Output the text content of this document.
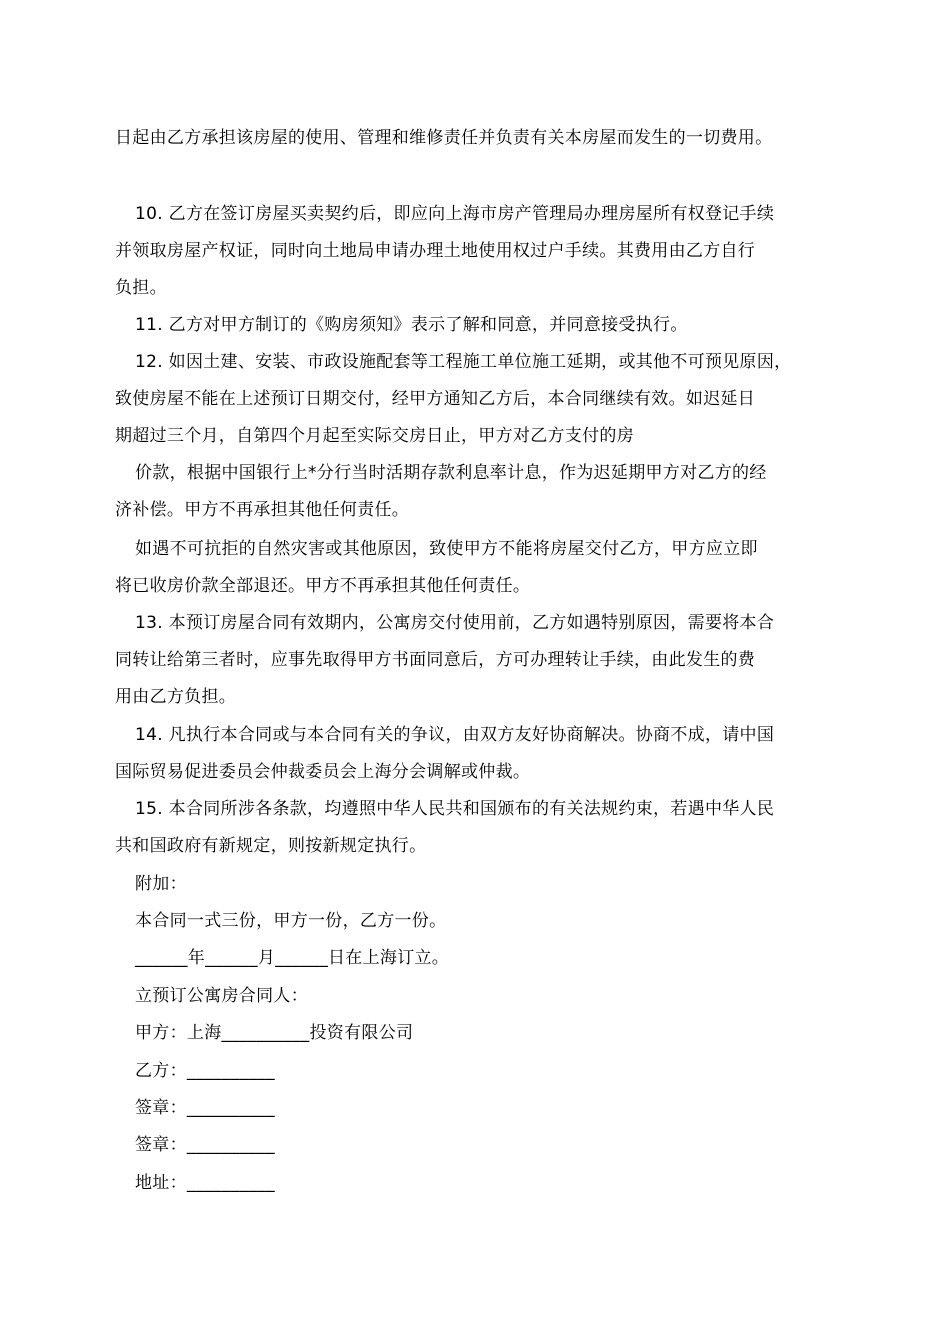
日起由乙方承担该房屋的使用、管理和维修责任并负责有关本房屋而发生的一切费用。
10. 乙方在签订房屋买卖契约后，即应向上海市房产管理局办理房屋所有权登记手续
并领取房屋产权证，同时向土地局申请办理土地使用权过户手续。其费用由乙方自行
负担。
11. 乙方对甲方制订的《购房须知》表示了解和同意，并同意接受执行。
12. 如因土建、安装、市政设施配套等工程施工单位施工延期，或其他不可预见原因，
致使房屋不能在上述预订日期交付，经甲方通知乙方后，本合同继续有效。如迟延日
期超过三个月，自第四个月起至实际交房日止，甲方对乙方支付的房
价款，根据中国银行上*分行当时活期存款利息率计息，作为迟延期甲方对乙方的经
济补偿。甲方不再承担其他任何责任。
如遇不可抗拒的自然灾害或其他原因，致使甲方不能将房屋交付乙方，甲方应立即
将已收房价款全部退还。甲方不再承担其他任何责任。
13. 本预订房屋合同有效期内，公寓房交付使用前，乙方如遇特别原因，需要将本合
同转让给第三者时，应事先取得甲方书面同意后，方可办理转让手续，由此发生的费
用由乙方负担。
14. 凡执行本合同或与本合同有关的争议，由双方友好协商解决。协商不成，请中国
国际贸易促进委员会仲裁委员会上海分会调解或仲裁。
15. 本合同所涉各条款，均遵照中华人民共和国颁布的有关法规约束，若遇中华人民
共和国政府有新规定，则按新规定执行。
附加：
本合同一式三份，甲方一份，乙方一份。
______年______月______日在上海订立。
立预订公寓房合同人：
甲方：上海__________投资有限公司
乙方：__________
签章：__________
签章：__________
地址：__________
